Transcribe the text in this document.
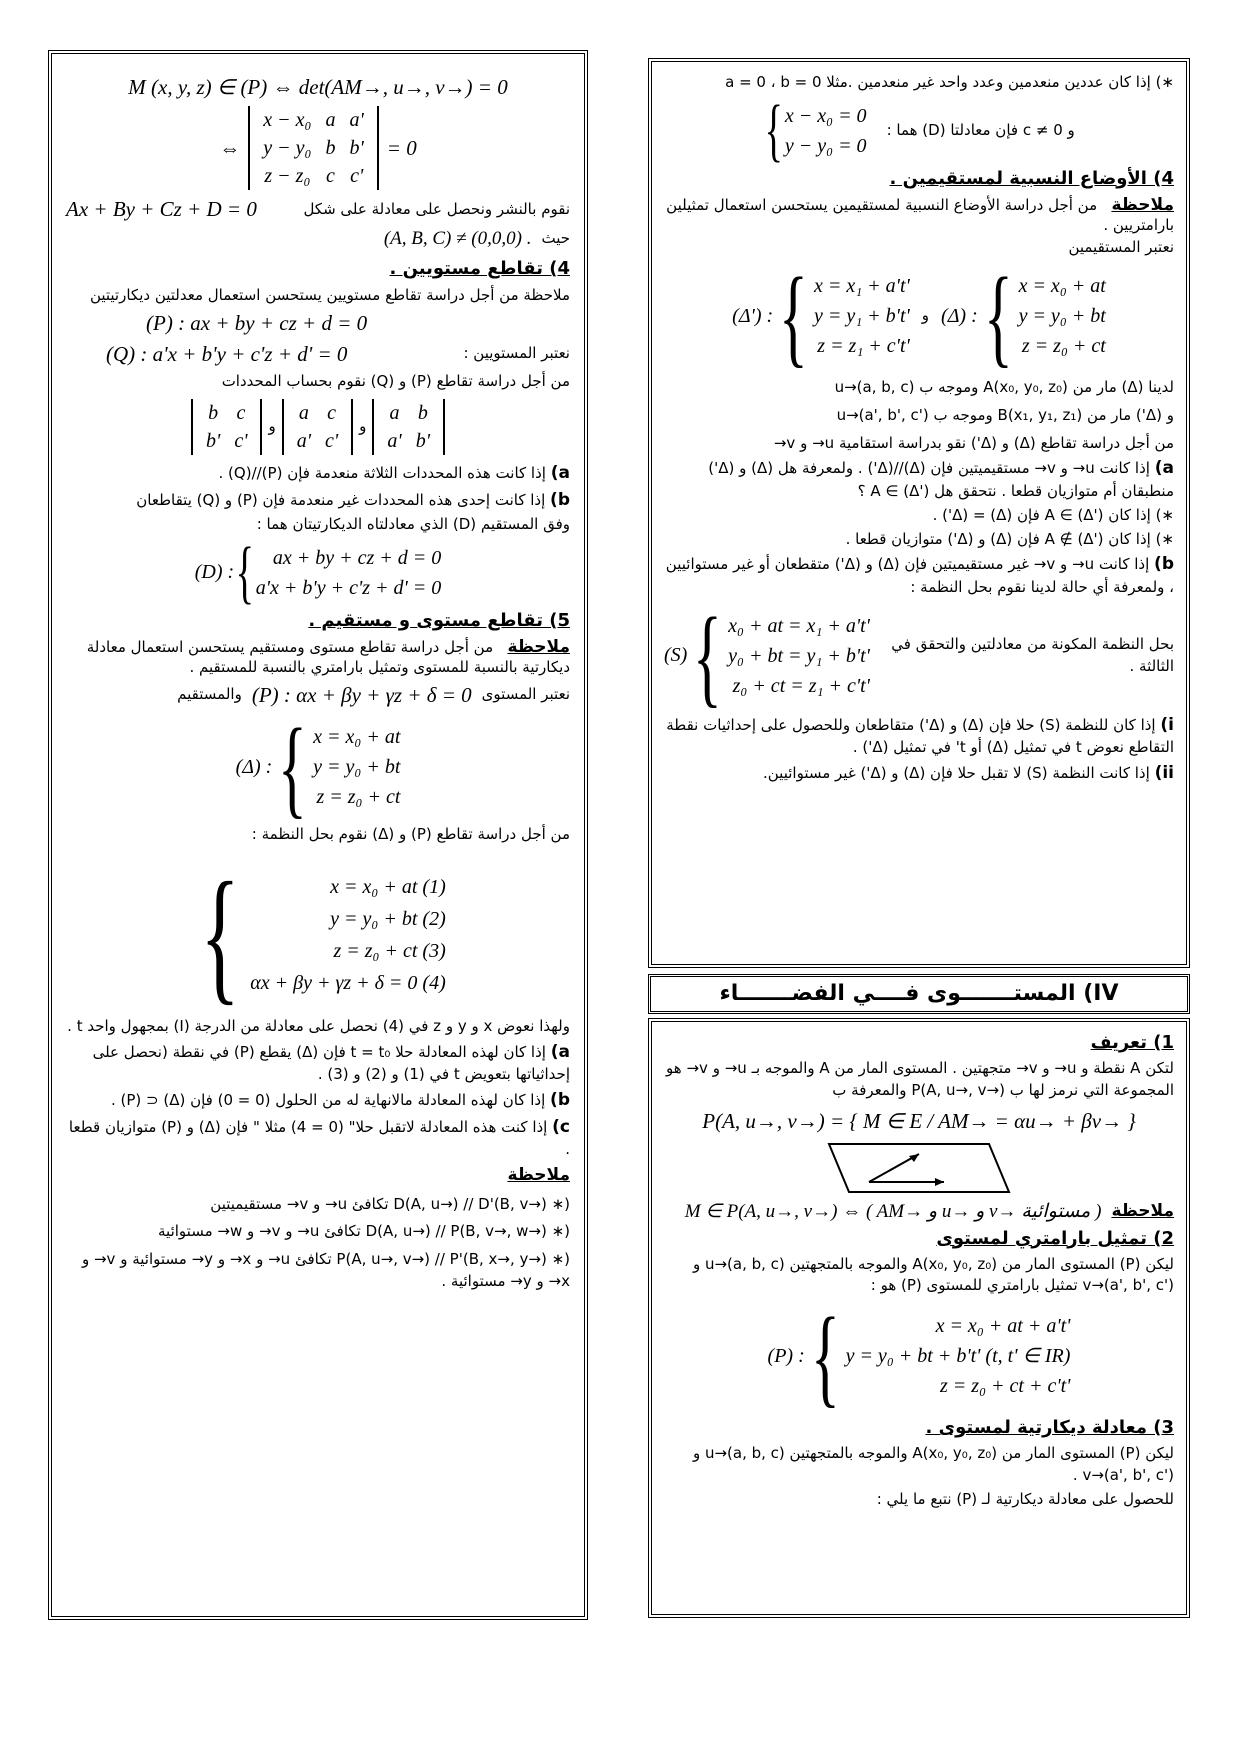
M (x, y, z) ∈ (P) ⇔ det(AM→, u→, v→) = 0
⇔
x − x₀	a	a'
y − y₀	b	b'
z − z₀	c	c'
= 0
نقوم بالنشر ونحصل على معادلة على شكل
Ax + By + Cz + D = 0
حيث
(A, B, C) ≠ (0,0,0) .
4) تقاطع مستويين .
ملاحظة من أجل دراسة تقاطع مستويين يستحسن استعمال معدلتين ديكارتيتين
(P) : ax + by + cz + d = 0
نعتبر المستويين :
(Q) : a'x + b'y + c'z + d' = 0
من أجل دراسة تقاطع (P) و (Q) نقوم بحساب المحددات
b	c
b'	c'
و
a	c
a'	c'
و
a	b
a'	b'
a) إذا كانت هذه المحددات الثلاثة منعدمة فإن (P)//(Q) .
b) إذا كانت إحدى هذه المحددات غير منعدمة فإن (P) و (Q) يتقاطعان
وفق المستقيم (D) الذي معادلتاه الديكارتيتان هما :
(D) : { ax + by + cz + d = 0
a'x + b'y + c'z + d' = 0
5) تقاطع مستوى و مستقيم .
ملاحظة   من أجل دراسة تقاطع مستوى ومستقيم يستحسن استعمال معادلة ديكارتية بالنسبة للمستوى وتمثيل بارامتري بالنسبة للمستقيم .
نعتبر المستوى
(P) : αx + βy + γz + δ = 0
والمستقيم
(Δ) : { x = x₀ + at
y = y₀ + bt
z = z₀ + ct
من أجل دراسة تقاطع (P) و (Δ) نقوم بحل النظمة :
{	x = x₀ + at (1)
y = y₀ + bt (2)
z = z₀ + ct (3)
αx + βy + γz + δ = 0 (4)
ولهذا نعوض x و y و z في (4) نحصل على معادلة من الدرجة (I) بمجهول واحد t .
a) إذا كان لهذه المعادلة حلا t = t₀ فإن (Δ) يقطع (P) في نقطة (نحصل على إحداثياتها بتعويض t في (1) و (2) و (3) .
b) إذا كان لهذه المعادلة مالانهاية له من الحلول (0 = 0) فإن (Δ) ⊂ (P) .
c) إذا كنت هذه المعادلة لاتقبل حلا" (0 = 4) مثلا " فإن (Δ) و (P) متوازيان قطعا .
ملاحظة
(∗ D(A, u→) // D'(B, v→) تكافئ u→ و v→ مستقيميتين
(∗ D(A, u→) // P(B, v→, w→) تكافئ u→ و v→ و w→ مستوائية
(∗ P(A, u→, v→) // P'(B, x→, y→) تكافئ u→ و x→ و y→ مستوائية و v→ و x→ و y→ مستوائية .
∗) إذا كان عددين منعدمين وعدد واحد غير منعدمين .مثلا a = 0 ، b = 0
و c ≠ 0 فإن معادلتا (D) هما :
{ x − x₀ = 0
y − y₀ = 0
4) الأوضاع النسبية لمستقيمين .
ملاحظة   من أجل دراسة الأوضاع النسبية لمستقيمين يستحسن استعمال تمثيلين بارامتريين .
نعتبر المستقيمين
(Δ') : { x = x₁ + a't'
y = y₁ + b't'
z = z₁ + c't'
و (Δ) : { x = x₀ + at
y = y₀ + bt
z = z₀ + ct
لدينا (Δ) مار من A(x₀, y₀, z₀) وموجه ب u→(a, b, c)
و (Δ') مار من B(x₁, y₁, z₁) وموجه ب u→(a', b', c')
من أجل دراسة تقاطع (Δ) و (Δ') نقو بدراسة استقامية u→ و v→
a) إذا كانت u→ و v→ مستقيميتين فإن (Δ)//(Δ') . ولمعرفة هل (Δ) و (Δ') منطبقان أم متوازيان قطعا . نتحقق هل A ∈ (Δ') ؟
∗) إذا كان A ∈ (Δ') فإن (Δ) = (Δ') .
∗) إذا كان A ∉ (Δ') فإن (Δ) و (Δ') متوازيان قطعا .
b) إذا كانت u→ و v→ غير مستقيميتين فإن (Δ) و (Δ') متقطعان أو غير مستوائيين ، ولمعرفة أي حالة لدينا نقوم بحل النظمة :
بحل النظمة المكونة من معادلتين والتحقق في الثالثة .
(S) { x₀ + at = x₁ + a't'
y₀ + bt = y₁ + b't'
z₀ + ct = z₁ + c't'
i) إذا كان للنظمة (S) حلا فإن (Δ) و (Δ') متقاطعان وللحصول على إحداثيات نقطة التقاطع نعوض t في تمثيل (Δ) أو t' في تمثيل (Δ') .
ii) إذا كانت النظمة (S) لا تقبل حلا فإن (Δ) و (Δ') غير مستوائيين.
IV) المستـــــــوى فــــي الفضـــــــاء
1) تعريف
لتكن A نقطة و u→ و v→ متجهتين . المستوى المار من A والموجه بـ u→ و v→ هو المجموعة التي نرمز لها ب P(A, u→, v→) والمعرفة ب
P(A, u→, v→) = { M ∈ E / AM→ = αu→ + βv→ }
ملاحظة
M ∈ P(A, u→, v→) ⇔ ( AM→ و u→ و v→ مستوائية )
2) تمثيل بارامتري لمستوى
ليكن (P) المستوى المار من A(x₀, y₀, z₀) والموجه بالمتجهتين u→(a, b, c) و v→(a', b', c') تمثيل بارامتري للمستوى (P) هو :
(P) : {	x = x₀ + at + a't'
y = y₀ + bt + b't' (t, t' ∈ IR)
z = z₀ + ct + c't'
3) معادلة ديكارتية لمستوى .
ليكن (P) المستوى المار من A(x₀, y₀, z₀) والموجه بالمتجهتين u→(a, b, c) و v→(a', b', c') .
للحصول على معادلة ديكارتية لـ (P) نتبع ما يلي :
